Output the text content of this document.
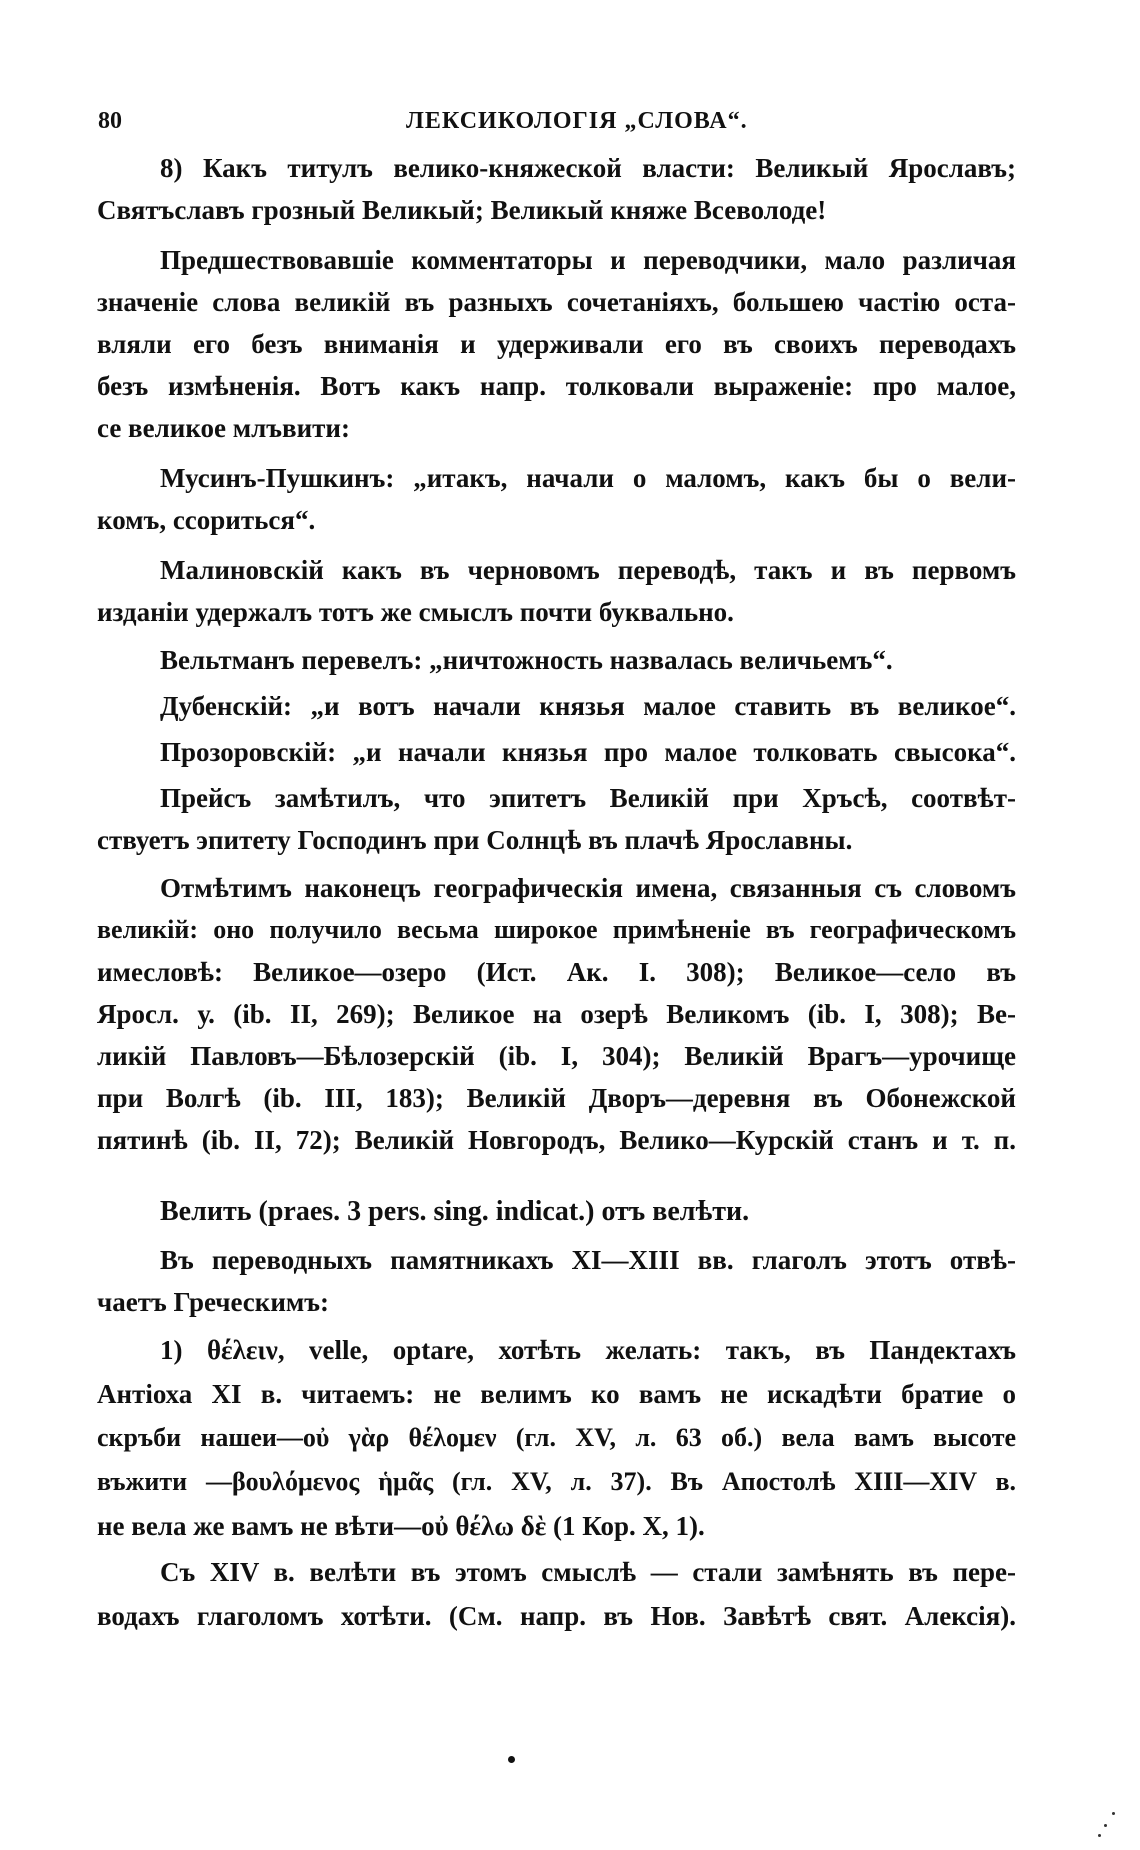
80	ЛЕКСИКОЛОГІЯ „СЛОВА“.
8) Какъ титулъ велико-княжеской власти: Великый Ярославъ;
Святъславъ грозный Великый; Великый княже Всеволоде!
Предшествовавшіе комментаторы и переводчики, мало различая
значеніе слова великій въ разныхъ сочетаніяхъ, большею частію оста-
вляли его безъ вниманія и удерживали его въ своихъ переводахъ
безъ измѣненія. Вотъ какъ напр. толковали выраженіе: про малое,
се великое млъвити:
Мусинъ-Пушкинъ: „итакъ, начали о маломъ, какъ бы о вели-
комъ, ссориться“.
Малиновскій какъ въ черновомъ переводѣ, такъ и въ первомъ
изданіи удержалъ тотъ же смыслъ почти буквально.
Вельтманъ перевелъ: „ничтожность назвалась величьемъ“.
Дубенскій: „и вотъ начали князья малое ставить въ великое“.
Прозоровскій: „и начали князья про малое толковать свысока“.
Прейсъ замѣтилъ, что эпитетъ Великій при Хръсѣ, соотвѣт-
ствуетъ эпитету Господинъ при Солнцѣ въ плачѣ Ярославны.
Отмѣтимъ наконецъ географическія имена, связанныя съ словомъ
великій: оно получило весьма широкое примѣненіе въ географическомъ
имесловѣ: Великое—озеро (Ист. Ак. I. 308); Великое—село въ
Яросл. у. (ib. II, 269); Великое на озерѣ Великомъ (ib. I, 308); Ве-
ликій Павловъ—Бѣлозерскій (ib. I, 304); Великій Врагъ—урочище
при Волгѣ (ib. III, 183); Великій Дворъ—деревня въ Обонежской
пятинѣ (ib. II, 72); Великій Новгородъ, Велико—Курскій станъ и т. п.
Велить (praes. 3 pers. sing. indicat.) отъ велѣти.
Въ переводныхъ памятникахъ XI—XIII вв. глаголъ этотъ отвѣ-
чаетъ Греческимъ:
1) θέλειν, velle, optare, хотѣть желать: такъ, въ Пандектахъ
Антіоха XI в. читаемъ: не велимъ ко вамъ не искадѣти братие о
скръби нашеи—οὐ γὰρ θέλομεν (гл. XV, л. 63 об.) вела вамъ высоте
въжити —βουλόμενος ἡμᾶς (гл. XV, л. 37). Въ Апостолѣ XIII—XIV в.
не вела же вамъ не вѣти—οὐ θέλω δὲ (1 Кор. X, 1).
Съ XIV в. велѣти въ этомъ смыслѣ — стали замѣнять въ пере-
водахъ глаголомъ хотѣти. (См. напр. въ Нов. Завѣтѣ свят. Алексія).
